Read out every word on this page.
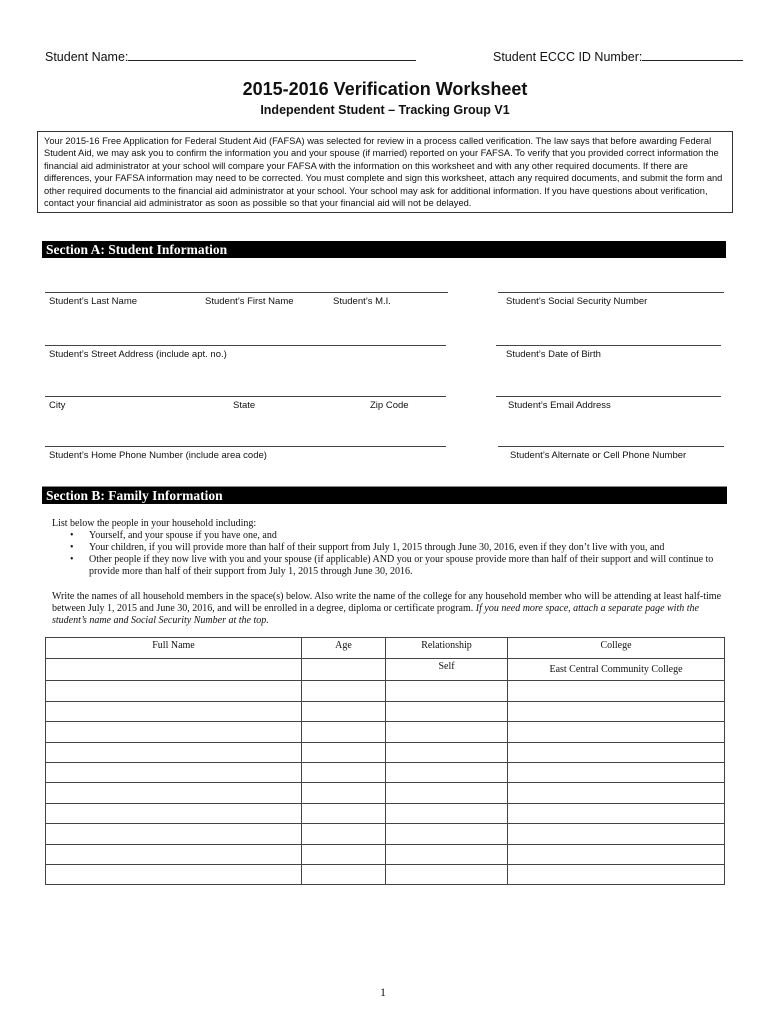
Student Name:	Student ECCC ID Number:
2015-2016 Verification Worksheet
Independent Student – Tracking Group V1
Your 2015-16 Free Application for Federal Student Aid (FAFSA) was selected for review in a process called verification. The law says that before awarding Federal Student Aid, we may ask you to confirm the information you and your spouse (if married) reported on your FAFSA. To verify that you provided correct information the financial aid administrator at your school will compare your FAFSA with the information on this worksheet and with any other required documents. If there are differences, your FAFSA information may need to be corrected. You must complete and sign this worksheet, attach any required documents, and submit the form and other required documents to the financial aid administrator at your school. Your school may ask for additional information. If you have questions about verification, contact your financial aid administrator as soon as possible so that your financial aid will not be delayed.
Section A: Student Information
Student’s Last Name	Student’s First Name	Student’s M.I.	Student’s Social Security Number
Student’s Street Address (include apt. no.)	Student’s Date of Birth
City	State	Zip Code	Student’s Email Address
Student’s Home Phone Number (include area code)	Student’s Alternate or Cell Phone Number
Section B: Family Information
List below the people in your household including:
• Yourself, and your spouse if you have one, and
• Your children, if you will provide more than half of their support from July 1, 2015 through June 30, 2016, even if they don’t live with you, and
• Other people if they now live with you and your spouse (if applicable) AND you or your spouse provide more than half of their support and will continue to provide more than half of their support from July 1, 2015 through June 30, 2016.
Write the names of all household members in the space(s) below. Also write the name of the college for any household member who will be attending at least half-time between July 1, 2015 and June 30, 2016, and will be enrolled in a degree, diploma or certificate program. If you need more space, attach a separate page with the student’s name and Social Security Number at the top.
Full Name	Age	Relationship	College
		Self	East Central Community College

1
